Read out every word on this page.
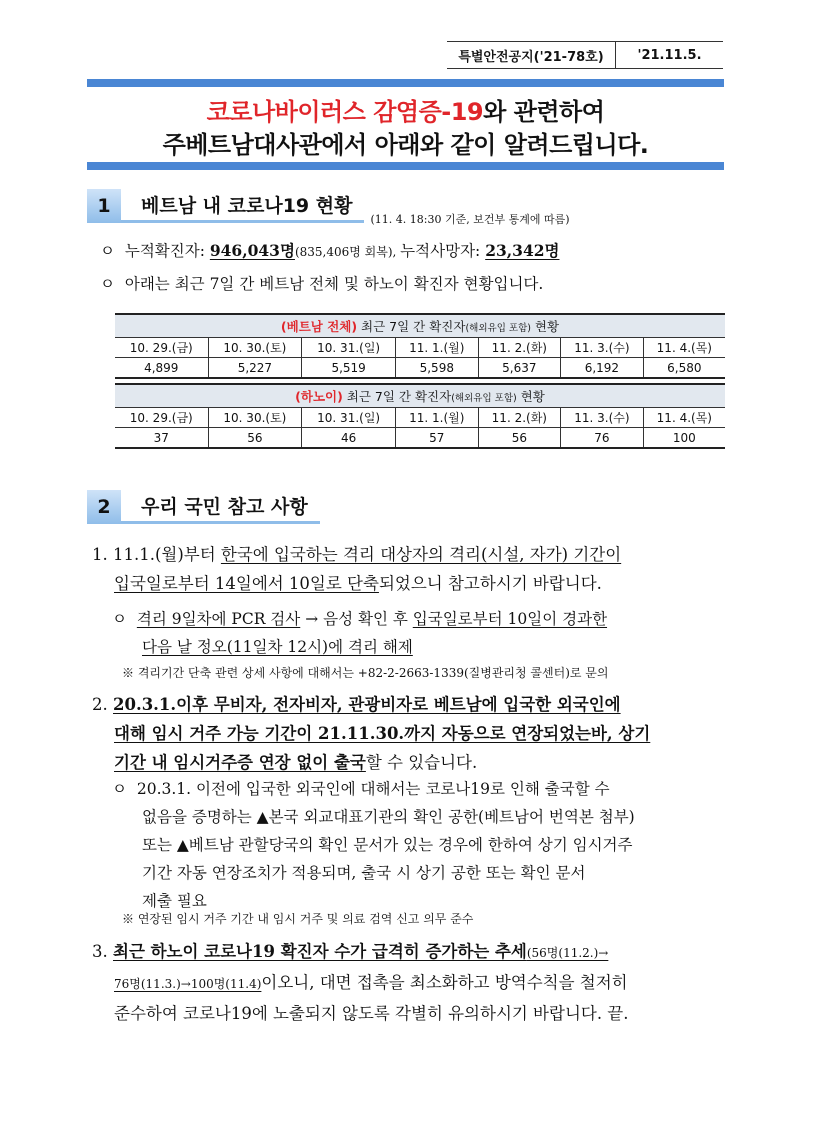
특별안전공지('21-78호)	'21.11.5.
코로나바이러스 감염증-19와 관련하여
주베트남대사관에서 아래와 같이 알려드립니다.
1	베트남 내 코로나19 현황
(11. 4. 18:30 기준, 보건부 통계에 따름)
ㅇ 누적확진자: 946,043명(835,406명 회복), 누적사망자: 23,342명
ㅇ 아래는 최근 7일 간 베트남 전체 및 하노이 확진자 현황입니다.
(베트남 전체) 최근 7일 간 확진자(해외유입 포함) 현황						
10. 29.(금)	10. 30.(토)	10. 31.(일)	11. 1.(월)	11. 2.(화)	11. 3.(수)	11. 4.(목)
4,899	5,227	5,519	5,598	5,637	6,192	6,580
(하노이) 최근 7일 간 확진자(해외유입 포함) 현황						
10. 29.(금)	10. 30.(토)	10. 31.(일)	11. 1.(월)	11. 2.(화)	11. 3.(수)	11. 4.(목)
37	56	46	57	56	76	100
2	우리 국민 참고 사항
1. 11.1.(월)부터 한국에 입국하는 격리 대상자의 격리(시설, 자가) 기간이
입국일로부터 14일에서 10일로 단축되었으니 참고하시기 바랍니다.
ㅇ 격리 9일차에 PCR 검사 → 음성 확인 후 입국일로부터 10일이 경과한
다음 날 정오(11일차 12시)에 격리 해제
※ 격리기간 단축 관련 상세 사항에 대해서는 +82-2-2663-1339(질병관리청 콜센터)로 문의
2. 20.3.1.이후 무비자, 전자비자, 관광비자로 베트남에 입국한 외국인에
대해 임시 거주 가능 기간이 21.11.30.까지 자동으로 연장되었는바, 상기
기간 내 임시거주증 연장 없이 출국할 수 있습니다.
ㅇ 20.3.1. 이전에 입국한 외국인에 대해서는 코로나19로 인해 출국할 수
없음을 증명하는 ▲본국 외교대표기관의 확인 공한(베트남어 번역본 첨부)
또는 ▲베트남 관할당국의 확인 문서가 있는 경우에 한하여 상기 임시거주
기간 자동 연장조치가 적용되며, 출국 시 상기 공한 또는 확인 문서
제출 필요
※ 연장된 임시 거주 기간 내 임시 거주 및 의료 검역 신고 의무 준수
3. 최근 하노이 코로나19 확진자 수가 급격히 증가하는 추세(56명(11.2.)→
76명(11.3.)→100명(11.4)이오니, 대면 접촉을 최소화하고 방역수칙을 철저히
준수하여 코로나19에 노출되지 않도록 각별히 유의하시기 바랍니다. 끝.
